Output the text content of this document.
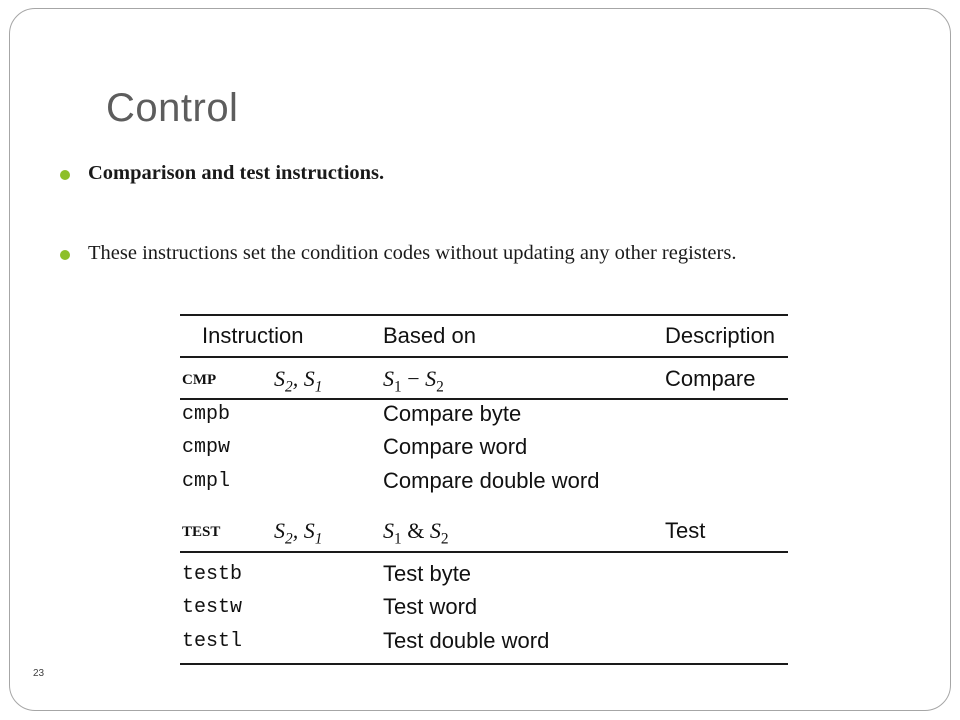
Control
Comparison and test instructions.
These instructions set the condition codes without updating any other registers.
Instruction	Based on	Description
CMP	$S_2$, $S_1$	$S_1 - S_2$	Compare
cmpb	Compare byte
cmpw	Compare word
cmpl	Compare double word
TEST $S_2$, $S_1$	$S_1$ & $S_2$	Test
testb	Test byte
testw	Test word
testl	Test double word
23
